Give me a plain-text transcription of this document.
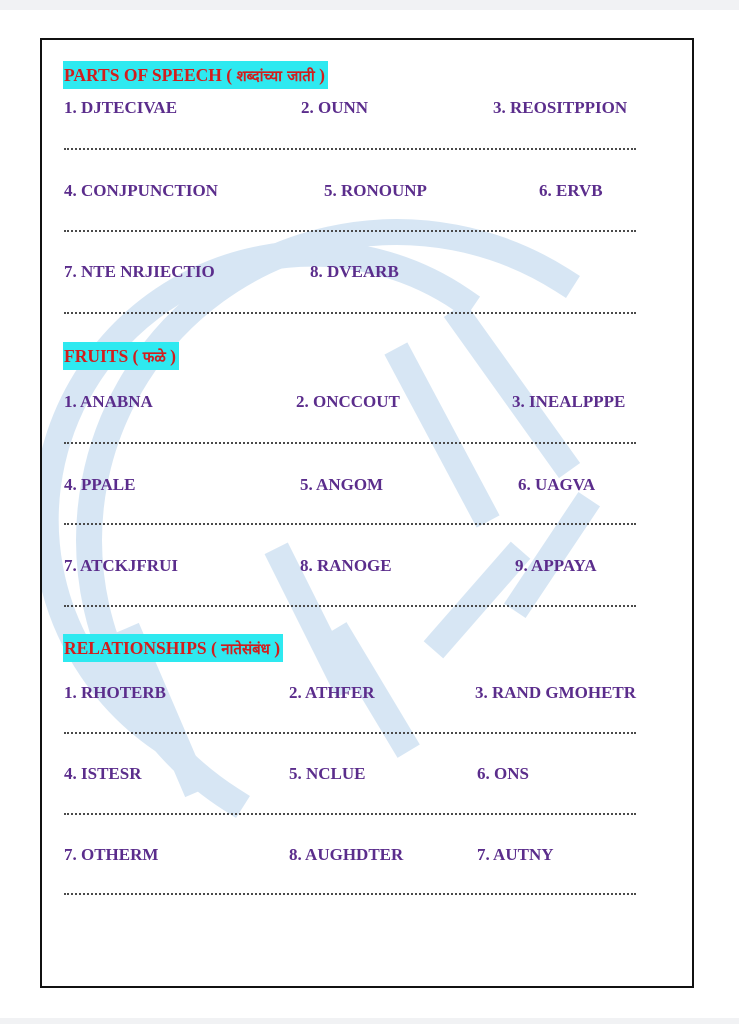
PARTS OF SPEECH ( शब्दांच्या जाती )
1. DJTECIVAE	2. OUNN	3. REOSITPPION
4. CONJPUNCTION	5. RONOUNP	6. ERVB
7. NTE NRJIECTIO	8. DVEARB
FRUITS ( फळे )
1. ANABNA	2. ONCCOUT	3. INEALPPPE
4. PPALE	5. ANGOM	6. UAGVA
7. ATCKJFRUI	8. RANOGE	9. APPAYA
RELATIONSHIPS ( नातेसंबंध )
1. RHOTERB	2. ATHFER	3. RAND GMOHETR
4. ISTESR	5. NCLUE	6. ONS
7. OTHERM	8. AUGHDTER	7. AUTNY
